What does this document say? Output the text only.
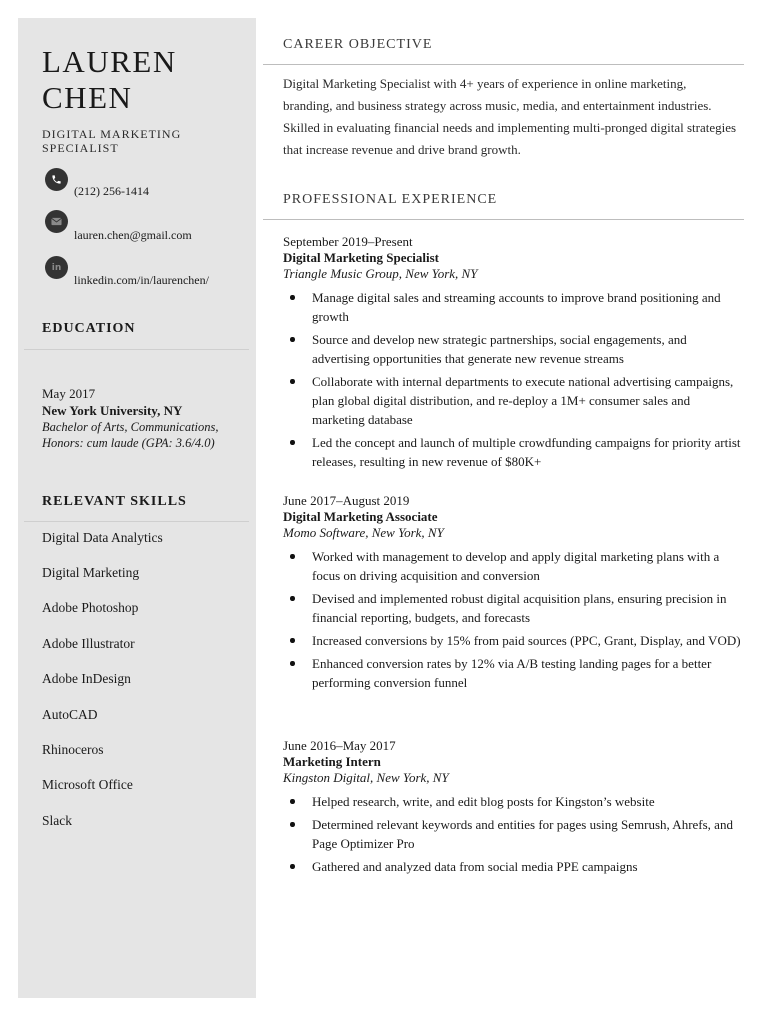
LAUREN
CHEN
DIGITAL MARKETING SPECIALIST
(212) 256-1414
lauren.chen@gmail.com
in
linkedin.com/in/laurenchen/
EDUCATION
May 2017
New York University, NY
Bachelor of Arts, Communications,
Honors: cum laude (GPA: 3.6/4.0)
RELEVANT SKILLS
Digital Data Analytics
Digital Marketing
Adobe Photoshop
Adobe Illustrator
Adobe InDesign
AutoCAD
Rhinoceros
Microsoft Office
Slack
CAREER OBJECTIVE
Digital Marketing Specialist with 4+ years of experience in online marketing, branding, and business strategy across music, media, and entertainment industries. Skilled in evaluating financial needs and implementing multi-pronged digital strategies that increase revenue and drive brand growth.
PROFESSIONAL EXPERIENCE
September 2019–Present
Digital Marketing Specialist
Triangle Music Group, New York, NY
Manage digital sales and streaming accounts to improve brand positioning and growth
Source and develop new strategic partnerships, social engagements, and advertising opportunities that generate new revenue streams
Collaborate with internal departments to execute national advertising campaigns, plan global digital distribution, and re-deploy a 1M+ consumer sales and marketing database
Led the concept and launch of multiple crowdfunding campaigns for priority artist releases, resulting in new revenue of $80K+
June 2017–August 2019
Digital Marketing Associate
Momo Software, New York, NY
Worked with management to develop and apply digital marketing plans with a focus on driving acquisition and conversion
Devised and implemented robust digital acquisition plans, ensuring precision in financial reporting, budgets, and forecasts
Increased conversions by 15% from paid sources (PPC, Grant, Display, and VOD)
Enhanced conversion rates by 12% via A/B testing landing pages for a better performing conversion funnel
June 2016–May 2017
Marketing Intern
Kingston Digital, New York, NY
Helped research, write, and edit blog posts for Kingston’s website
Determined relevant keywords and entities for pages using Semrush, Ahrefs, and Page Optimizer Pro
Gathered and analyzed data from social media PPE campaigns
